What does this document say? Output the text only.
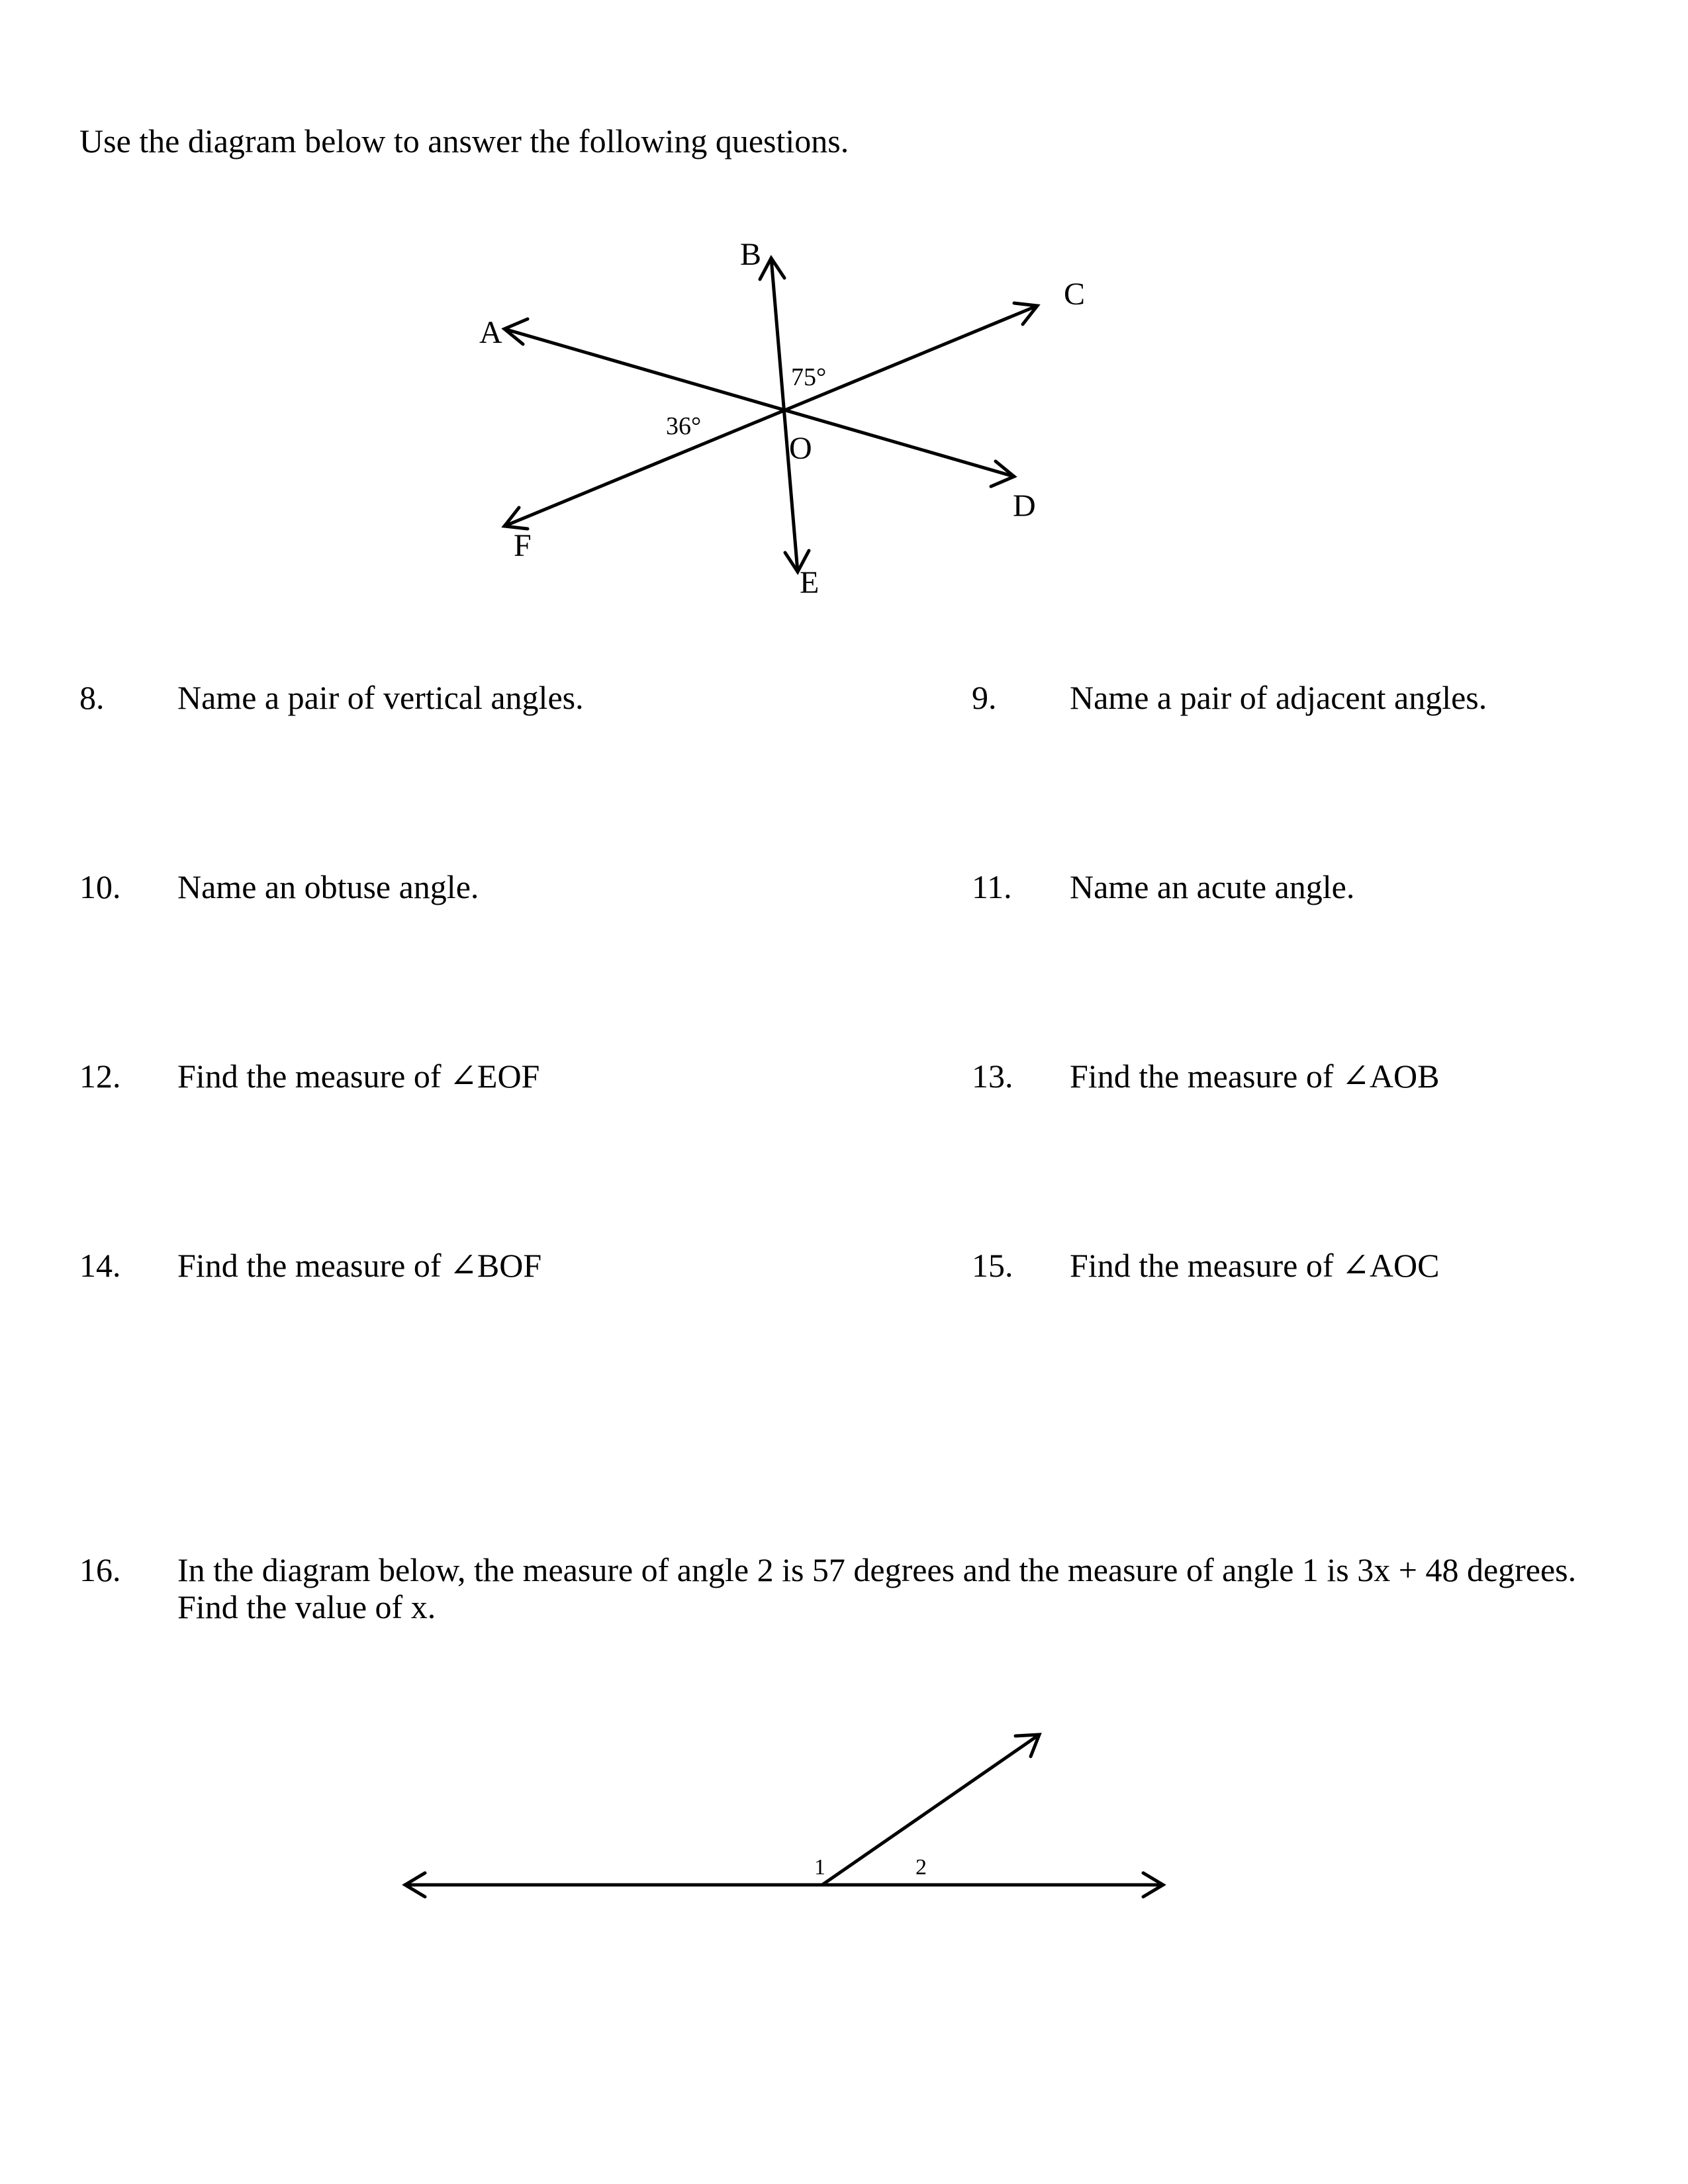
Use the diagram below to answer the following questions.

A
B
C
D
E
F
O
75°
36°
8. Name a pair of vertical angles.	9. Name a pair of adjacent angles.
10. Name an obtuse angle.	11. Name an acute angle.
12. Find the measure of ∠EOF	13. Find the measure of ∠AOB
14. Find the measure of ∠BOF	15. Find the measure of ∠AOC
16. In the diagram below, the measure of angle 2 is 57 degrees and the measure of angle 1 is 3x + 48 degrees.
Find the value of x.
1	2
